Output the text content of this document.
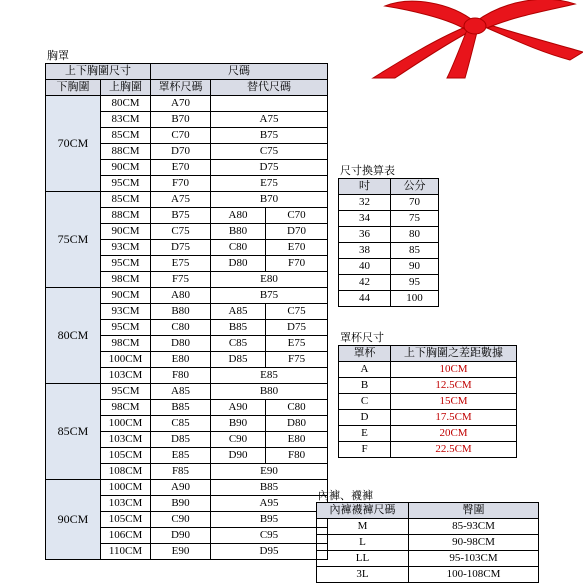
胸罩
上下胸圍尺寸		尺碼		
下胸圍	上胸圍	罩杯尺碼	替代尺碼	
70CM	80CM	A70		
	83CM	B70	A75	
	85CM	C70	B75	
	88CM	D70	C75	
	90CM	E70	D75	
	95CM	F70	E75	
75CM	85CM	A75	B70	
	88CM	B75	A80	C70
	90CM	C75	B80	D70
	93CM	D75	C80	E70
	95CM	E75	D80	F70
	98CM	F75	E80	
80CM	90CM	A80	B75	
	93CM	B80	A85	C75
	95CM	C80	B85	D75
	98CM	D80	C85	E75
	100CM	E80	D85	F75
	103CM	F80	E85	
85CM	95CM	A85	B80	
	98CM	B85	A90	C80
	100CM	C85	B90	D80
	103CM	D85	C90	E80
	105CM	E85	D90	F80
	108CM	F85	E90	
90CM	100CM	A90	B85	
	103CM	B90	A95	
	105CM	C90	B95	
	106CM	D90	C95	
	110CM	E90	D95	
尺寸換算表
吋	公分
32	70
34	75
36	80
38	85
40	90
42	95
44	100
罩杯尺寸
罩杯	上下胸圍之差距數據
A	10CM
B	12.5CM
C	15CM
D	17.5CM
E	20CM
F	22.5CM
內褲、襪褲
內褲襪褲尺碼	臀圍
M	85-93CM
L	90-98CM
LL	95-103CM
3L	100-108CM
